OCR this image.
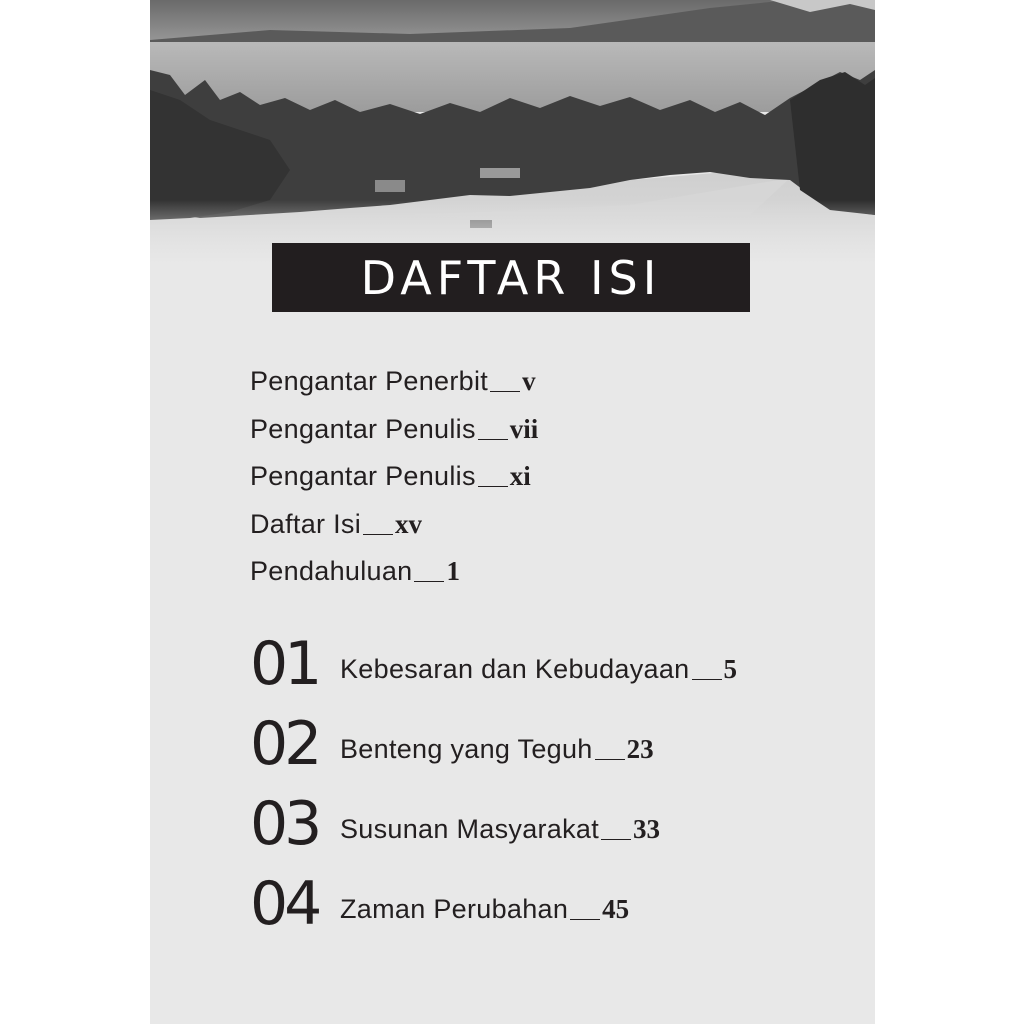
DAFTAR ISI
Pengantar Penerbit v
Pengantar Penulis vii
Pengantar Penulis xi
Daftar Isi xv
Pendahuluan 1
01 Kebesaran dan Kebudayaan 5
02 Benteng yang Teguh 23
03 Susunan Masyarakat 33
04 Zaman Perubahan 45
